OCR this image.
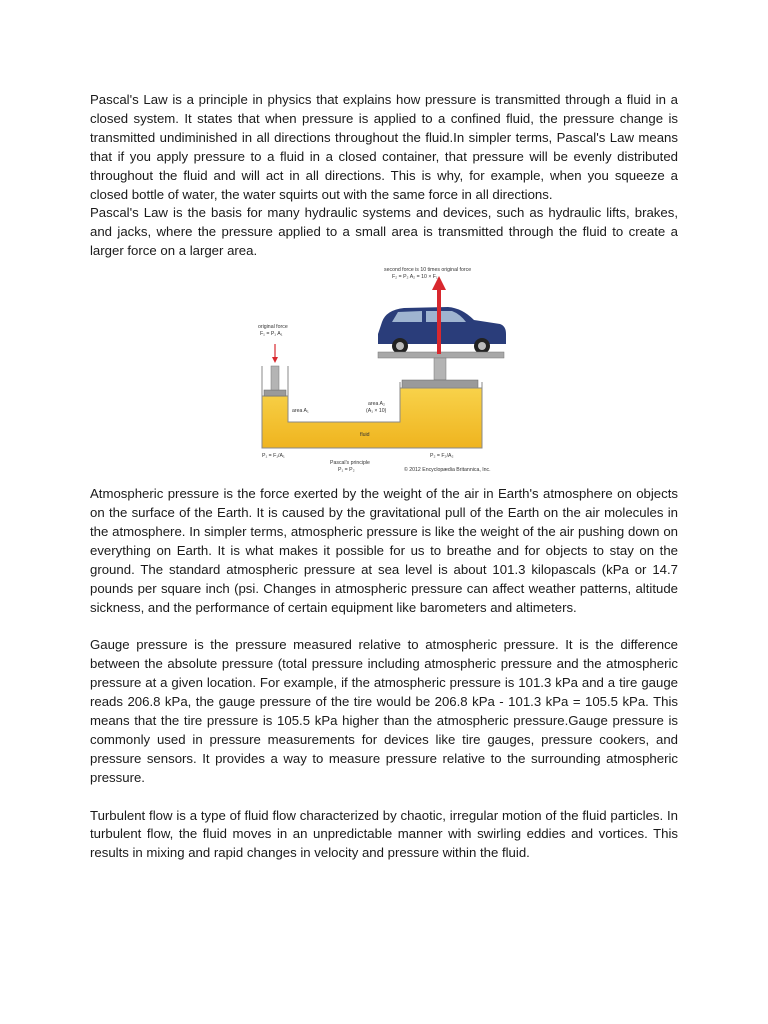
Pascal's Law is a principle in physics that explains how pressure is transmitted through a fluid in a closed system. It states that when pressure is applied to a confined fluid, the pressure change is transmitted undiminished in all directions throughout the fluid.In simpler terms, Pascal's Law means that if you apply pressure to a fluid in a closed container, that pressure will be evenly distributed throughout the fluid and will act in all directions. This is why, for example, when you squeeze a closed bottle of water, the water squirts out with the same force in all directions.

Pascal's Law is the basis for many hydraulic systems and devices, such as hydraulic lifts, brakes, and jacks, where the pressure applied to a small area is transmitted through the fluid to create a larger force on a larger area.

Atmospheric pressure is the force exerted by the weight of the air in Earth's atmosphere on objects on the surface of the Earth. It is caused by the gravitational pull of the Earth on the air molecules in the atmosphere. In simpler terms, atmospheric pressure is like the weight of the air pushing down on everything on Earth. It is what makes it possible for us to breathe and for objects to stay on the ground. The standard atmospheric pressure at sea level is about 101.3 kilopascals (kPa or 14.7 pounds per square inch (psi. Changes in atmospheric pressure can affect weather patterns, altitude sickness, and the performance of certain equipment like barometers and altimeters.

Gauge pressure is the pressure measured relative to atmospheric pressure. It is the difference between the absolute pressure (total pressure including atmospheric pressure and the atmospheric pressure at a given location. For example, if the atmospheric pressure is 101.3 kPa and a tire gauge reads 206.8 kPa, the gauge pressure of the tire would be 206.8 kPa - 101.3 kPa = 105.5 kPa. This means that the tire pressure is 105.5 kPa higher than the atmospheric pressure.Gauge pressure is commonly used in pressure measurements for devices like tire gauges, pressure cookers, and pressure sensors. It provides a way to measure pressure relative to the surrounding atmospheric pressure.

Turbulent flow is a type of fluid flow characterized by chaotic, irregular motion of the fluid particles. In turbulent flow, the fluid moves in an unpredictable manner with swirling eddies and vortices. This results in mixing and rapid changes in velocity and pressure within the fluid.

second force is 10 times original force
F₂ = P₂ A₂ = 10 × F₁
original force
F₁ = P₁ A₁
area A₁
area A₂
(A₁ × 10)
fluid
P₁ = F₁/A₁	P₂ = F₂/A₂
Pascal's principle
P₁ = P₂	© 2012 Encyclopædia Britannica, Inc.
